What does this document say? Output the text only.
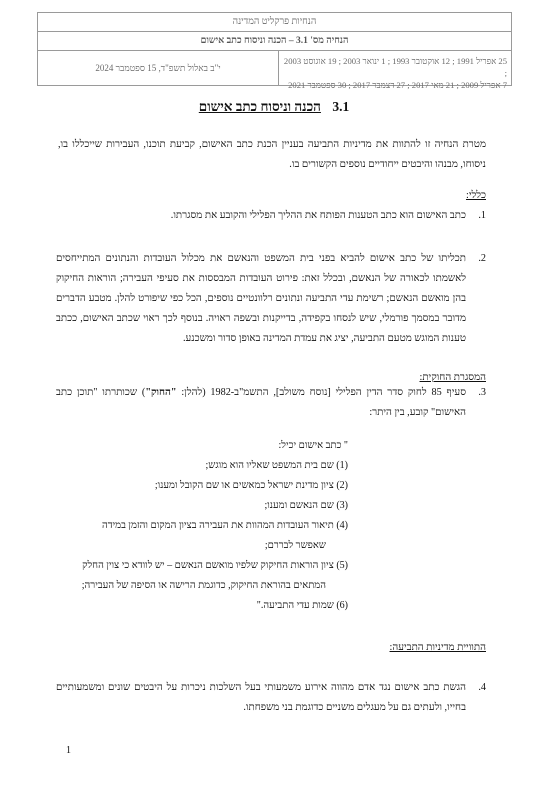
הנחיות פרקליט המדינה
הנחיה מס' 3.1 – הכנה וניסוח כתב אישום
י"ב באלול תשפ"ד, 15 ספטמבר 2024
25 אפריל 1991 ; 12 אוקטובר 1993 ; 1 ינואר 2003 ; 19 אוגוסט 2003 ;
7 אפריל 2009 ; 21 מאי 2017 ; 27 דצמבר 2017 ; 30 ספטמבר 2021
3.1 הכנה וניסוח כתב אישום
מטרת הנחיה זו להתוות את מדיניות התביעה בעניין הכנת כתב האישום, קביעת תוכנו, העבירות שייכללו בו, ניסוחו, מבנהו והיבטים ייחודיים נוספים הקשורים בו.
כללי:
1.
כתב האישום הוא כתב הטענות הפותח את ההליך הפלילי והקובע את מסגרתו.
2.
תכליתו של כתב אישום להביא בפני בית המשפט והנאשם את מכלול העובדות והנתונים המתייחסים לאשמתו לכאורה של הנאשם, ובכלל זאת: פירוט העובדות המבססות את סעיפי העבירה; הוראות החיקוק בהן מואשם הנאשם; רשימת עדי התביעה ונתונים רלוונטיים נוספים, הכל כפי שיפורט להלן. מטבע הדברים מדובר במסמך פורמלי, שיש לנסחו בקפידה, בדייקנות ובשפה ראויה. בנוסף לכך ראוי שכתב האישום, ככתב טענות המוגש מטעם התביעה, יציג את עמדת המדינה באופן סדור ומשכנע.
המסגרת החוקית:
3.
סעיף 85 לחוק סדר הדין הפלילי [נוסח משולב], התשמ"ב-1982 (להלן: "החוק") שכותרתו "תוכן כתב האישום" קובע, בין היתר:
" כתב אישום יכיל:
(1) שם בית המשפט שאליו הוא מוגש;
(2) ציון מדינת ישראל כמאשים או שם הקובל ומענו;
(3) שם הנאשם ומענו;
(4) תיאור העובדות המהוות את העבירה בציון המקום והזמן במידה
שאפשר לבררם;
(5) ציון הוראות החיקוק שלפיו מואשם הנאשם – יש לוודא כי צוין החלק
המתאים בהוראת החיקוק, כדוגמת הרישה או הסיפה של העבירה;
(6) שמות עדי התביעה."
התוויית מדיניות התביעה:
4.
הגשת כתב אישום נגד אדם מהווה אירוע משמעותי בעל השלכות ניכרות על היבטים שונים ומשמעותיים בחייו, ולעתים גם על מעגלים משניים כדוגמת בני משפחתו.
1
